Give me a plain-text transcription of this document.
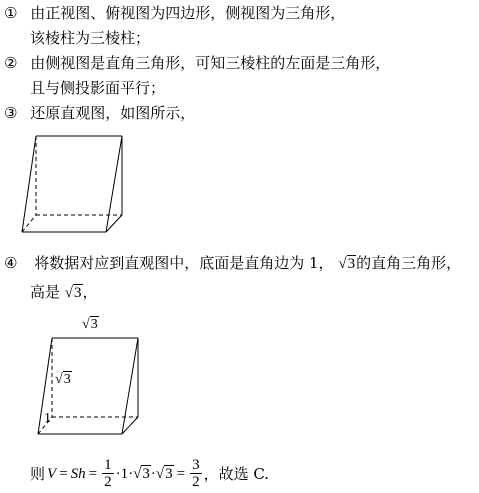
① 由正视图、俯视图为四边形，侧视图为三角形，
该棱柱为三棱柱；
② 由侧视图是直角三角形，可知三棱柱的左面是三角形，
且与侧投影面平行；
③ 还原直观图，如图所示，
④ 将数据对应到直观图中，底面是直角边为 1， √3的直角三角形，
高是 √3，
√3
√3
1
则 V = S $h = \frac{1}{2} \cdot 1\cdot √3 \cdot √3 = \frac{3}{2}$ ，故选 C.
